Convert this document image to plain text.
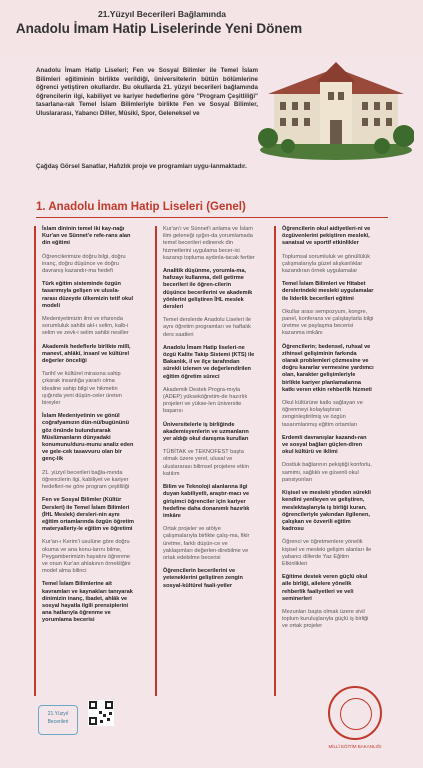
21.Yüzyıl Becerileri Bağlamında
Anadolu İmam Hatip Liselerinde Yeni Dönem
Anadolu İmam Hatip Liseleri; Fen ve Sosyal Bilimler ile Temel İslam Bilimleri eğitiminin birlikte verildiği, üniversitelerin bütün bölümlerine öğrenci yetiştiren okullardır. Bu okullarda 21. yüzyıl becerileri bağlamında öğrencilerin ilgi, kabiliyet ve kariyer hedeflerine göre "Program Çeşitliliği" tasarlana-rak Temel İslam Bilimleriyle birlikte Fen ve Sosyal Bilimler, Uluslararası, Yabancı Diller, Mûsikî, Spor, Geleneksel ve
Çağdaş Görsel Sanatlar, Hafızlık proje ve programları uygu-lanmaktadır.
1. Anadolu İmam Hatip Liseleri (Genel)
İslam dininin temel iki kay-nağı Kur'an ve Sünnet'e refe-rans alan din eğitimi
Öğrencilerimize doğru bilgi, doğru inanç, doğru düşünce ve doğru davranış kazandır-ma hedefi
Türk eğitim sisteminde özgün tasarımıyla gelişen ve ulusla-rarası düzeyde ülkemizin tetif okul modeli
Medeniyetimizin ilmi ve irfanında sorumluluk sahibi akl-ı selim, kalb-i selim ve zevk-i selim sahibi nesiller
Akademik hedeflerle birlikte millî, manevî, ahlâkî, insanî ve kültürel değerler önceliği
Tarihî ve kültürel mirasına sahip çıkarak insanlığa yararlı olma idealine sahip bilgi ve hikmetin ışığında yeni düşün-celer üreten bireyler
İslam Medeniyetinin ve gönül coğrafyamızın dün-nü/bugününü göz önünde bulundurarak Müslümanların dünyadaki konumunu/duru-munu analiz eden ve gele-cek tasavvuru olan bir genç-lik
21. yüzyıl becerileri bağla-mında öğrencilerin ilgi, kabiliyet ve kariyer hedefleri-ne göre program çeşitliliği
Fen ve Sosyal Bilimler (Kültür Dersleri) ile Temel İslam Bilimleri (İHL Meslek) dersleri-nin aynı eğitim ortamlarında özgün öğretim materyalleriy-le eğitim ve öğretimi
Kur'an-ı Kerim'i usulüne göre doğru okuma ve ana konu-larını bilme, Peygamberimizin hayatını öğrenme ve onun Kur'an ahlakının örnekliğini model alma bilinci
Temel İslam Bilimlerine ait kavramları ve kaynakları tanıyarak dinimizin inanç, ibadet, ahlâk ve sosyal hayatla ilgili prensiplerini ana hatlarıyla öğrenme ve yorumlama becerisi
Kur'an'ı ve Sünnet'i anlama ve İslam ilim geleneği ışığın-da yorumlamada temel becerileri edinerek din hizmetlerini uygulama becer-isi kazanıp topluma aydınla-tacak fertler
Analitik düşünme, yorumla-ma, hafızayı kullanma, dell getirme becerileri ile öğren-cilerin düşünce becerilerini ve akademik yönlerini geliştiren İHL meslek dersleri
Temel derslerde Anadolu Liseleri ile aynı öğretim programları ve haftalık ders saatleri
Anadolu İmam Hatip liseleri-ne özgü Kalite Takip Sistemi (KTS) ile Bakanlık, il ve ilçe tarafından sürekli izlenen ve değerlendirilen eğitim öğretim süreci
Akademik Destek Progra-mıyla (ADEP) yükseköğretim-de hazırlık projeleri ve yükse-len üniversite başarısı
Üniversitelerle iş birliğinde akademisyenlerin ve uzmanların yer aldığı okul danışma kurulları
TÜBİTAK ve TEKNOFEST başta olmak üzere yerel, ulusal ve uluslararası bilimsel projelere etkin katılım
Bilim ve Teknoloji alanlarına ilgi duyan kabiliyetli, araştır-macı ve girişimci öğrenciler için kariyer hedefine daha donanımlı hazırlık imkânı
Ortak projeler ve atölye çalışmalarıyla birlikte çalış-ma, fikir üretme, farklı düşün-ce ve yaklaşımları değerlen-direbilme ve ortak edebilme becerisi
Öğrencilerin becerilerini ve yeteneklerini geliştiren zengin sosyal-kültürel faali-yetler
Öğrencilerin okul aidiyetleri-ni ve özgüvenlerini pekiştiren meslekî, sanatsal ve sportif etkinlikler
Toplumsal sorumluluk ve gönüllülük çalışmalarıyla güzel alışkanlıklar kazandıran örnek uygulamalar
Temel İslam Bilimleri ve Hitabet derslerindeki mesleki uygulamalar ile liderlik becerileri eğitimi
Okullar arası sempozyum, kongre, panel, konferans ve çalıştaylarla bilgi üretme ve paylaşma becerisi kazanma imkânı
Öğrencilerin; bedensel, ruhsal ve zihinsel gelişiminin farkında olarak problemleri çözmesine ve doğru kararlar vermesine yardımcı olan, karakter gelişimleriyle birlikte kariyer planlamalarına katkı veren etkin rehberlik hizmeti
Okul kültürüne katkı sağlayan ve öğrenmeyi kolaylaştıran zenginleştirilmiş ve özgün tasarımlanmış eğitim ortamları
Erdemli davranışlar kazandı-ran ve sosyal bağları güçlen-diren okul kültürü ve iklimi
Dostluk bağlarının pekiştiği konforlu, samimi, sağlıklı ve güvenli okul pansiyonları
Kişisel ve mesleki yönden sürekli kendini yenileyen ve geliştiren, meslektaşlarıyla iş birliği kuran, öğrencileriyle yakından ilgilenen, çalışkan ve özverili eğitim kadrosu
Öğrenci ve öğretmenlere yönelik kişisel ve mesleki gelişim alanları ile yabancı dillerde Yaz Eğitim Etkinlikleri
Eğitime destek veren güçlü okul aile birliği, ailelere yönelik rehberlik faaliyetleri ve veli seminerleri
Mezunları başta olmak üzere sivil toplum kuruluşlarıyla güçlü iş birliği ve ortak projeler
21.Yüzyıl Becerileri
MİLLÎ EĞİTİM BAKANLIĞI
